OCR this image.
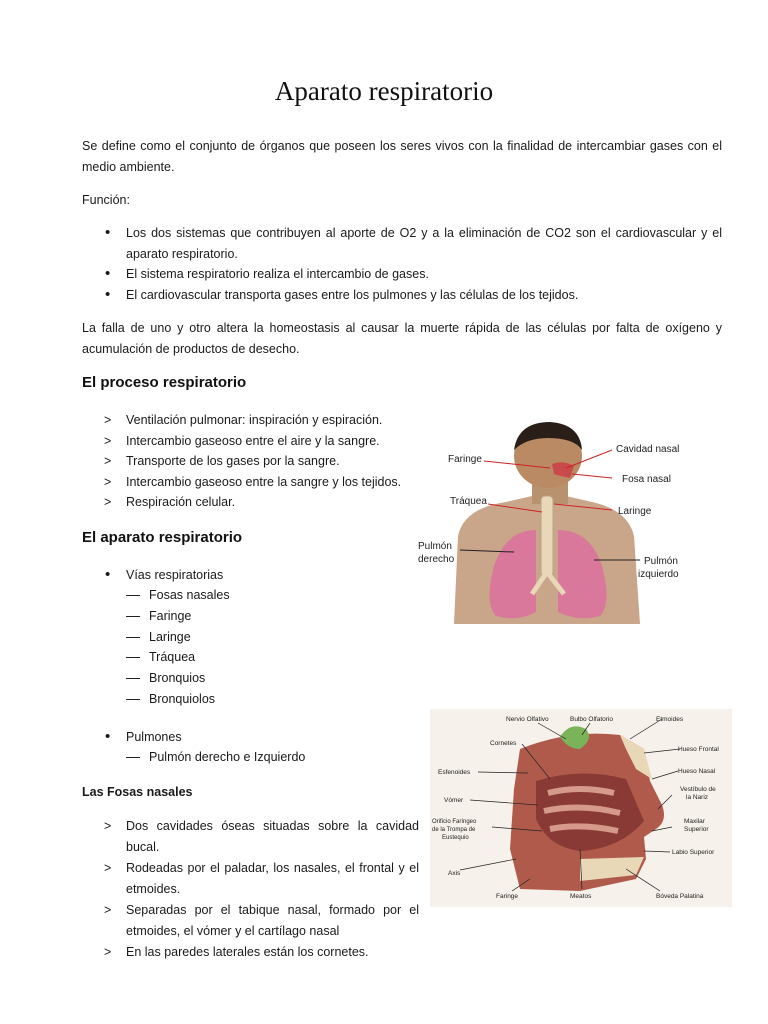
Aparato respiratorio
Se define como el conjunto de órganos que poseen los seres vivos con la finalidad de intercambiar gases con el medio ambiente.
Función:
• Los dos sistemas que contribuyen al aporte de O2 y a la eliminación de CO2 son el cardiovascular y el aparato respiratorio.
• El sistema respiratorio realiza el intercambio de gases.
• El cardiovascular transporta gases entre los pulmones y las células de los tejidos.
La falla de uno y otro altera la homeostasis al causar la muerte rápida de las células por falta de oxígeno y acumulación de productos de desecho.
El proceso respiratorio
> Ventilación pulmonar: inspiración y espiración.
> Intercambio gaseoso entre el aire y la sangre.
> Transporte de los gases por la sangre.
> Intercambio gaseoso entre la sangre y los tejidos.
> Respiración celular.
El aparato respiratorio
• Vías respiratorias
Fosas nasales
Faringe
Laringe
Tráquea
Bronquios
Bronquiolos
• Pulmones
Pulmón derecho e Izquierdo
Las Fosas nasales
> Dos cavidades óseas situadas sobre la cavidad bucal.
> Rodeadas por el paladar, los nasales, el frontal y el etmoides.
> Separadas por el tabique nasal, formado por el etmoides, el vómer y el cartílago nasal
> En las paredes laterales están los cornetes.
Faringe
Tráquea
Pulmón
derecho
Cavidad nasal
Fosa nasal
Laringe
Pulmón
izquierdo
Nervio Olfativo	Bulbo Olfatorio	Etmoides
Cornetes
Hueso Frontal
Esfenoides	Hueso Nasal
Vestíbulo de
la Nariz
Vómer
Orificio Faríngeo
de la Trompa de
Eustequio
Maxilar
Superior
Labio Superior
Axis
Faringe	Meatos	Bóveda Palatina
